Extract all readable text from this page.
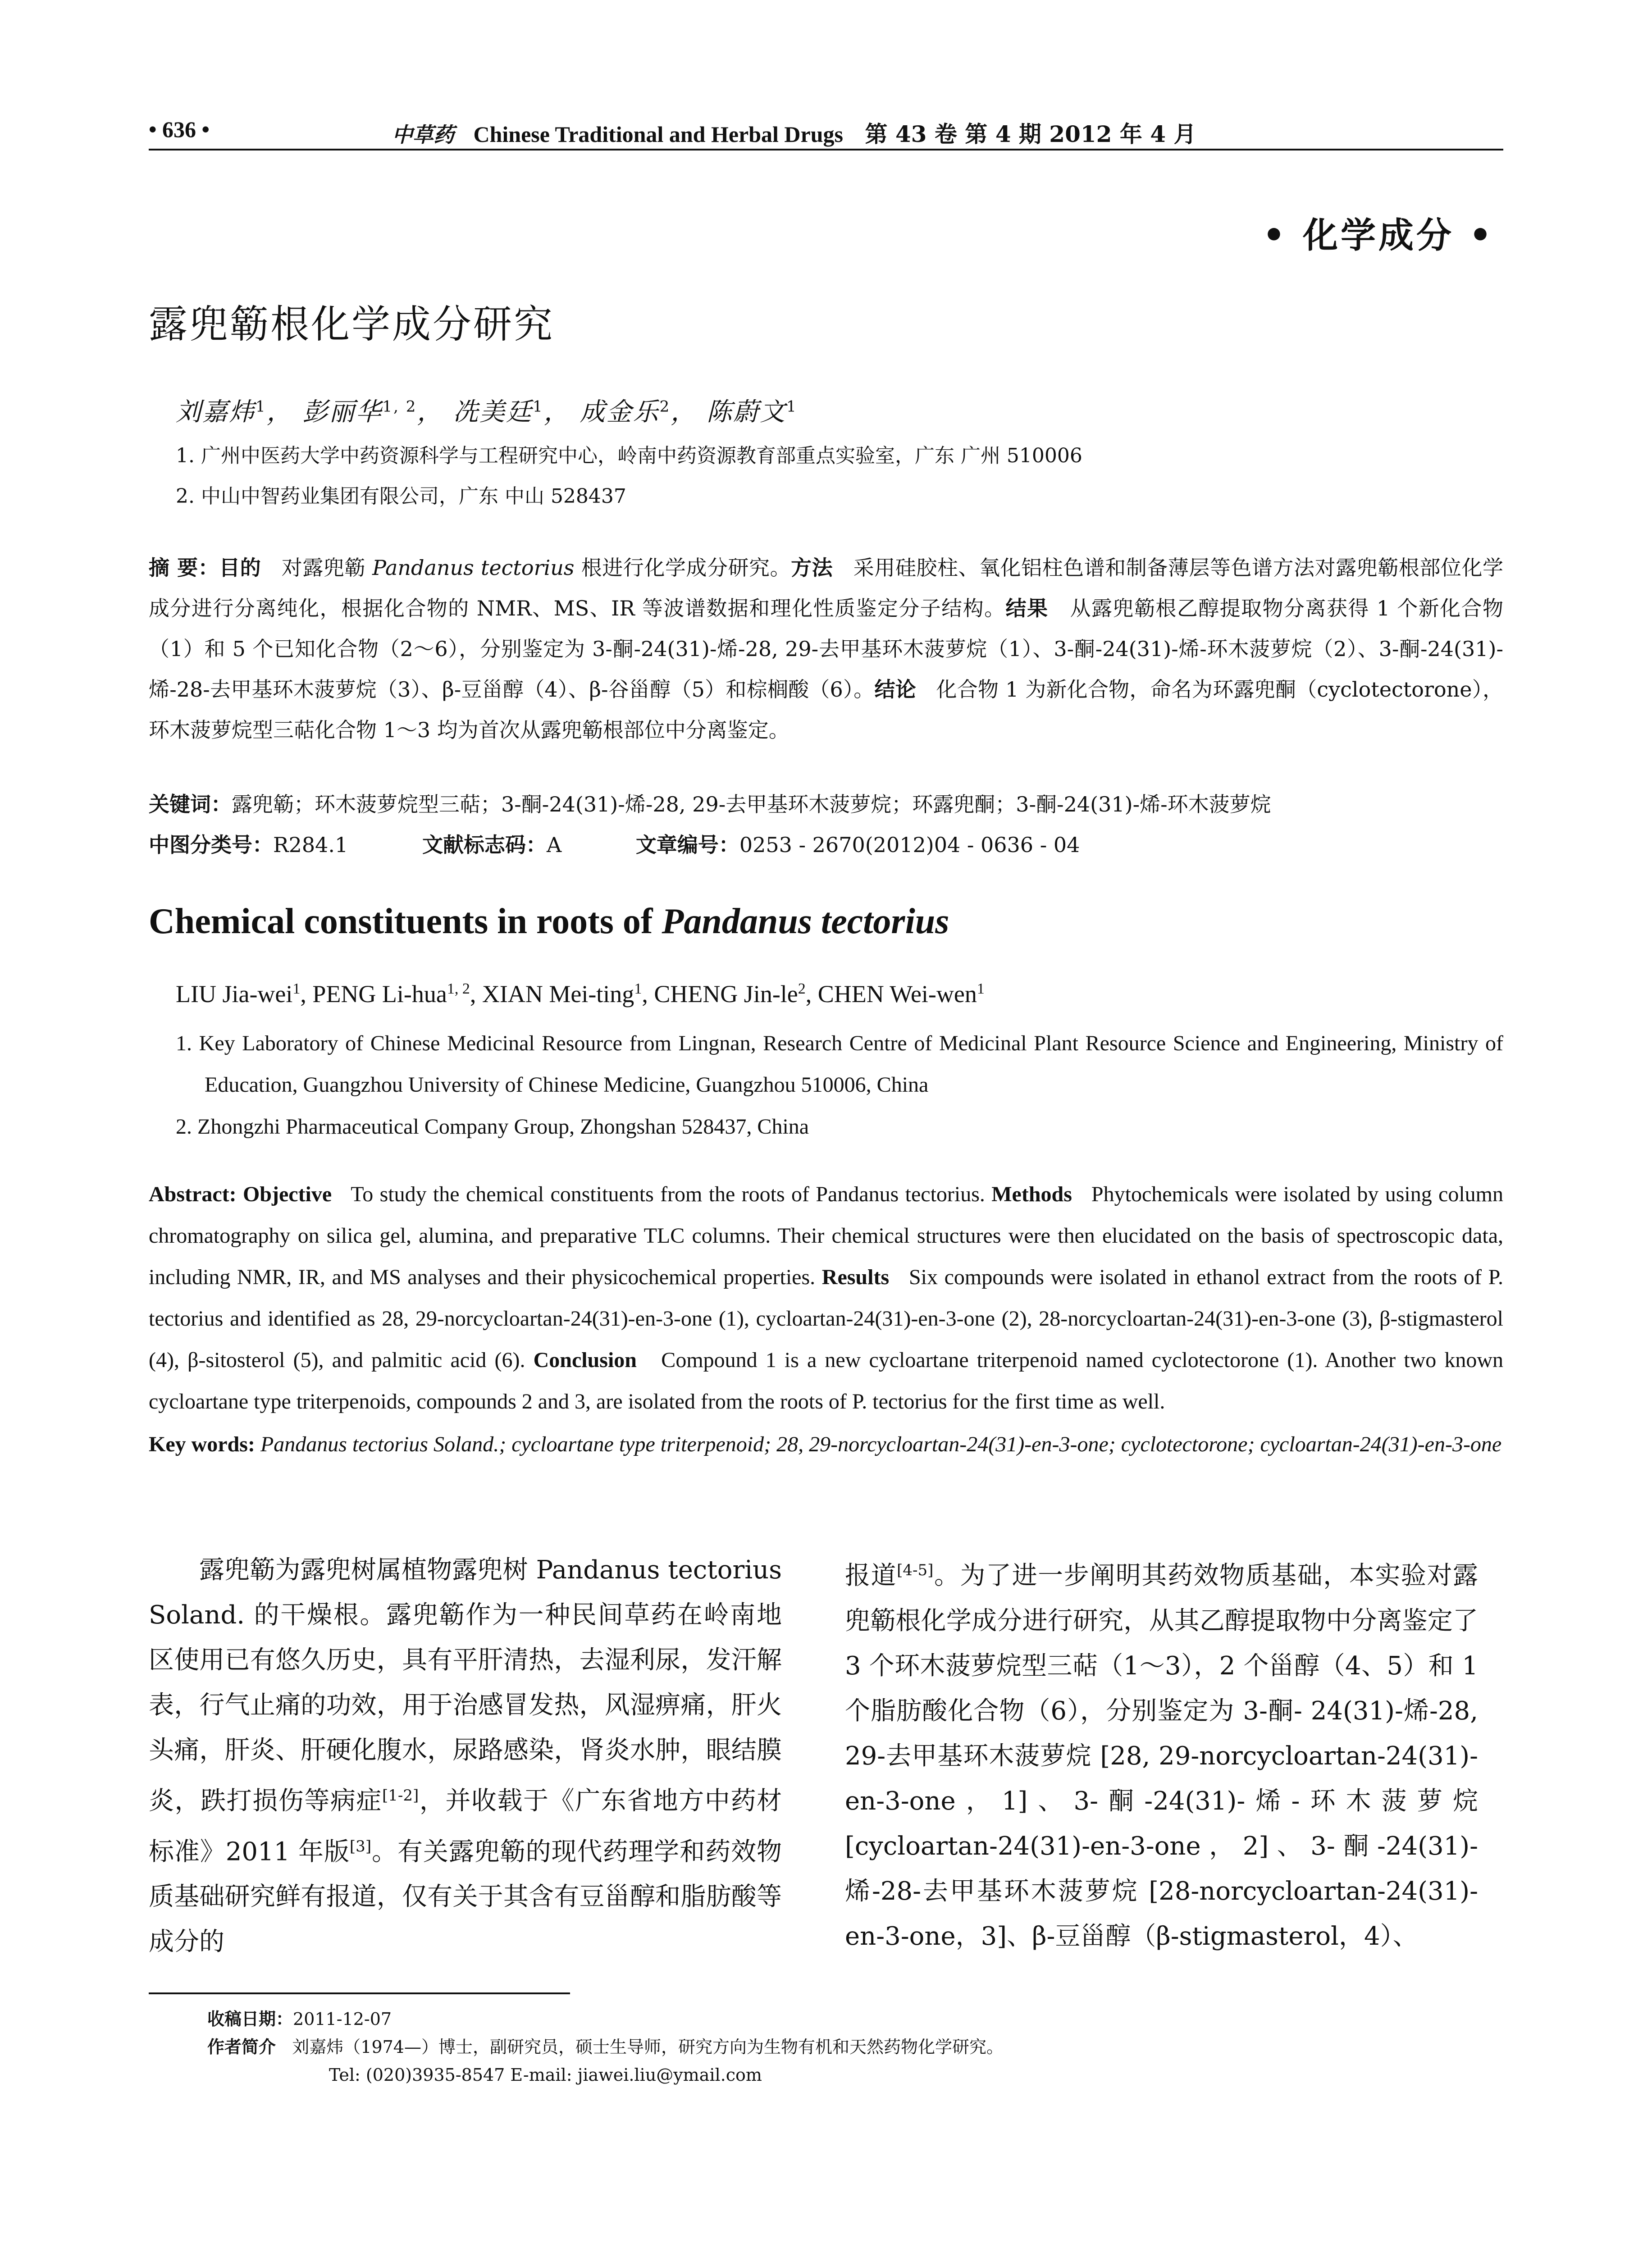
• 636 •	中草药 Chinese Traditional and Herbal Drugs 第 43 卷 第 4 期 2012 年 4 月
• 化学成分 •
露兜簕根化学成分研究
刘嘉炜$^1$， 彭丽华$^{1, 2}$， 冼美廷$^1$， 成金乐$^2$， 陈蔚文$^1$
1. 广州中医药大学中药资源科学与工程研究中心，岭南中药资源教育部重点实验室，广东 广州 510006
2. 中山中智药业集团有限公司，广东 中山 528437
摘 要：目的 对露兜簕 Pandanus tectorius 根进行化学成分研究。方法 采用硅胶柱、氧化铝柱色谱和制备薄层等色谱方法对露兜簕根部位化学成分进行分离纯化，根据化合物的 NMR、MS、IR 等波谱数据和理化性质鉴定分子结构。结果 从露兜簕根乙醇提取物分离获得 1 个新化合物（1）和 5 个已知化合物（2～6），分别鉴定为 3-酮-24(31)-烯-28, 29-去甲基环木菠萝烷（1）、3-酮-24(31)-烯-环木菠萝烷（2）、3-酮-24(31)-烯-28-去甲基环木菠萝烷（3）、β-豆甾醇（4）、β-谷甾醇（5）和棕榈酸（6）。结论 化合物 1 为新化合物，命名为环露兜酮（cyclotectorone），环木菠萝烷型三萜化合物 1～3 均为首次从露兜簕根部位中分离鉴定。
关键词：露兜簕；环木菠萝烷型三萜；3-酮-24(31)-烯-28, 29-去甲基环木菠萝烷；环露兜酮；3-酮-24(31)-烯-环木菠萝烷
中图分类号：R284.1	文献标志码：A	文章编号：0253 - 2670(2012)04 - 0636 - 04
Chemical constituents in roots of Pandanus tectorius
LIU Jia-wei$^1$, PENG Li-hua$^{1, 2}$, XIAN Mei-ting$^1$, CHENG Jin-$le^2$, CHEN Wei-wen$^1$
1. Key Laboratory of Chinese Medicinal Resource from Lingnan, Research Centre of Medicinal Plant Resource Science and Engineering, Ministry of Education, Guangzhou University of Chinese Medicine, Guangzhou 510006, China
2. Zhongzhi Pharmaceutical Company Group, Zhongshan 528437, China
Abstract: Objective To study the chemical constituents from the roots of Pandanus tectorius. Methods Phytochemicals were isolated by using column chromatography on silica gel, alumina, and preparative TLC columns. Their chemical structures were then elucidated on the basis of spectroscopic data, including NMR, IR, and MS analyses and their physicochemical properties. Results Six compounds were isolated in ethanol extract from the roots of P. tectorius and identified as 28, 29-norcycloartan-24(31)-en-3-one (1), cycloartan-24(31)-en-3-one (2), 28-norcycloartan-24(31)-en-3-one (3), β-stigmasterol (4), β-sitosterol (5), and palmitic acid (6). Conclusion Compound 1 is a new cycloartane triterpenoid named cyclotectorone (1). Another two known cycloartane type triterpenoids, compounds 2 and 3, are isolated from the roots of P. tectorius for the first time as well.
Key words: Pandanus tectorius Soland.; cycloartane type triterpenoid; 28, 29-norcycloartan-24(31)-en-3-one; cyclotectorone; cycloartan-24(31)-en-3-one
露兜簕为露兜树属植物露兜树 Pandanus tectorius Soland. 的干燥根。露兜簕作为一种民间草药在岭南地区使用已有悠久历史，具有平肝清热，去湿利尿，发汗解表，行气止痛的功效，用于治感冒发热，风湿痹痛，肝火头痛，肝炎、肝硬化腹水，尿路感染，肾炎水肿，眼结膜炎，跌打损伤等病症[1-2]，并收载于《广东省地方中药材标准》2011 年版[3]。有关露兜簕的现代药理学和药效物质基础研究鲜有报道，仅有关于其含有豆甾醇和脂肪酸等成分的
报道[4-5]。为了进一步阐明其药效物质基础，本实验对露兜簕根化学成分进行研究，从其乙醇提取物中分离鉴定了 3 个环木菠萝烷型三萜（1～3），2 个甾醇（4、5）和 1 个脂肪酸化合物（6），分别鉴定为 3-酮- 24(31)-烯-28, 29-去甲基环木菠萝烷 [28, 29-norcycloartan-24(31)-en-3-one，1]、3-酮-24(31)-烯-环木菠萝烷 [cycloartan-24(31)-en-3-one，2]、3-酮-24(31)-烯-28-去甲基环木菠萝烷 [28-norcycloartan-24(31)-en-3-one，3]、β-豆甾醇（β-stigmasterol，4）、
收稿日期：2011-12-07
作者简介 刘嘉炜（1974—）博士，副研究员，硕士生导师，研究方向为生物有机和天然药物化学研究。
Tel: (020)3935-8547 E-mail: jiawei.liu@ymail.com
